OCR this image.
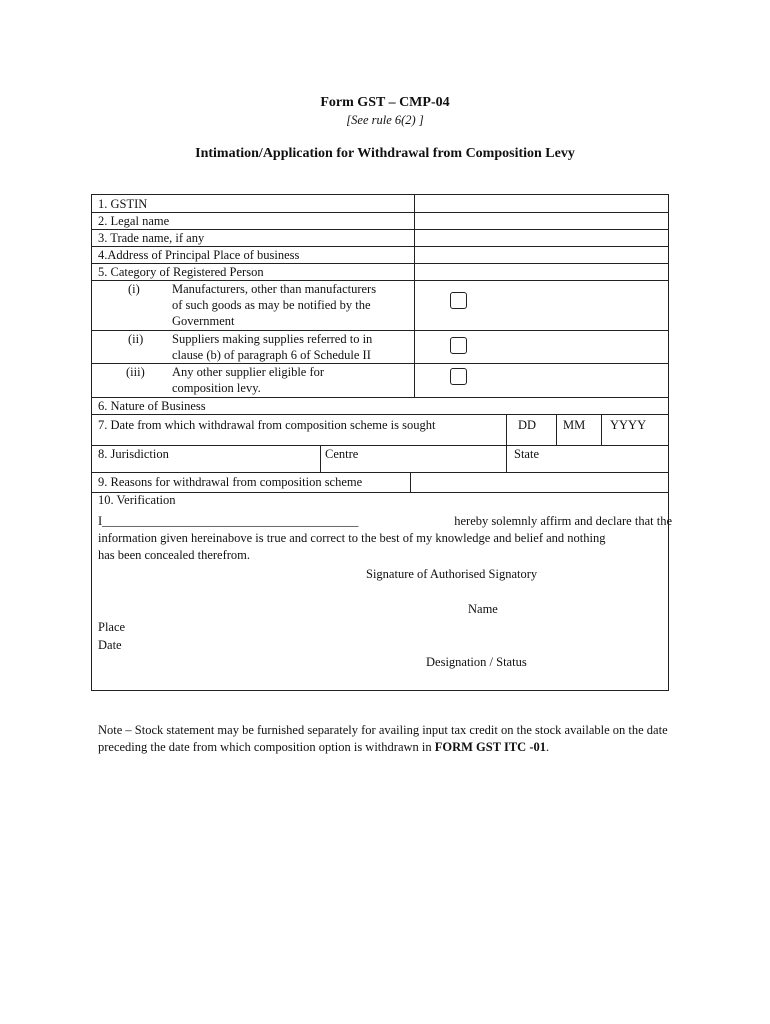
Form GST – CMP-04
[See rule 6(2) ]
Intimation/Application for Withdrawal from Composition Levy
1. GSTIN
2. Legal name
3. Trade name, if any
4.Address of Principal Place of business
5. Category of Registered Person
(i)	Manufacturers, other than manufacturers
of such goods as may be notified by the
Government
(ii) Suppliers making supplies referred to in
clause (b) of paragraph 6 of Schedule II
(iii) Any other supplier eligible for
composition levy.
6. Nature of Business
7. Date from which withdrawal from composition scheme is sought	DD MM YYYY
8. Jurisdiction	Centre	State
9. Reasons for withdrawal from composition scheme
10. Verification
I_________________________________________	hereby solemnly affirm and declare that the
information given hereinabove is true and correct to the best of my knowledge and belief and nothing
has been concealed therefrom.
Signature of Authorised Signatory
Name
Place
Date
Designation / Status
Note – Stock statement may be furnished separately for availing input tax credit on the stock available on the date preceding the date from which composition option is withdrawn in FORM GST ITC -01.
